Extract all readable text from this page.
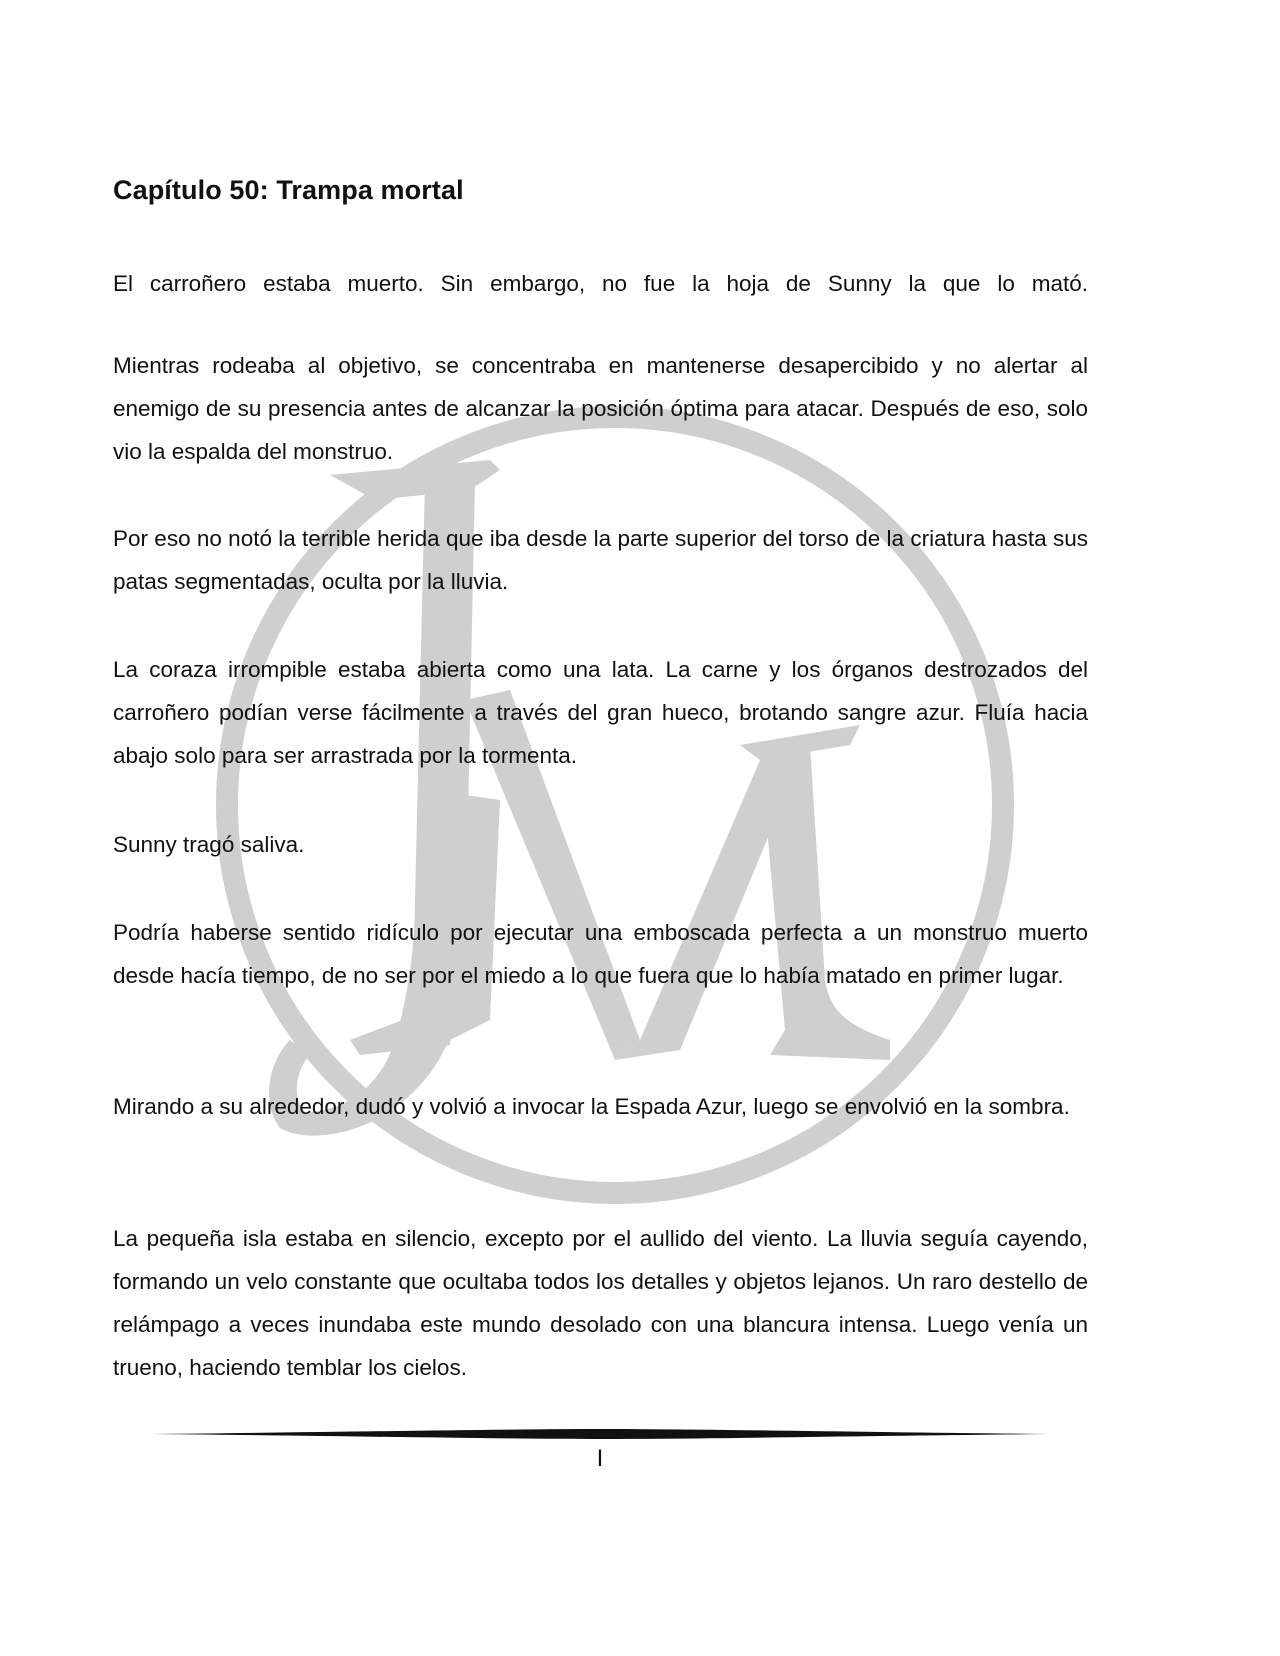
Capítulo 50: Trampa mortal

El carroñero estaba muerto. Sin embargo, no fue la hoja de Sunny la que lo mató.

Mientras rodeaba al objetivo, se concentraba en mantenerse desapercibido y no alertar al enemigo de su presencia antes de alcanzar la posición óptima para atacar. Después de eso, solo vio la espalda del monstruo.

Por eso no notó la terrible herida que iba desde la parte superior del torso de la criatura hasta sus patas segmentadas, oculta por la lluvia.

La coraza irrompible estaba abierta como una lata. La carne y los órganos destrozados del carroñero podían verse fácilmente a través del gran hueco, brotando sangre azur. Fluía hacia abajo solo para ser arrastrada por la tormenta.

Sunny tragó saliva.

Podría haberse sentido ridículo por ejecutar una emboscada perfecta a un monstruo muerto desde hacía tiempo, de no ser por el miedo a lo que fuera que lo había matado en primer lugar.

Mirando a su alrededor, dudó y volvió a invocar la Espada Azur, luego se envolvió en la sombra.

La pequeña isla estaba en silencio, excepto por el aullido del viento. La lluvia seguía cayendo, formando un velo constante que ocultaba todos los detalles y objetos lejanos. Un raro destello de relámpago a veces inundaba este mundo desolado con una blancura intensa. Luego venía un trueno, haciendo temblar los cielos.

I
